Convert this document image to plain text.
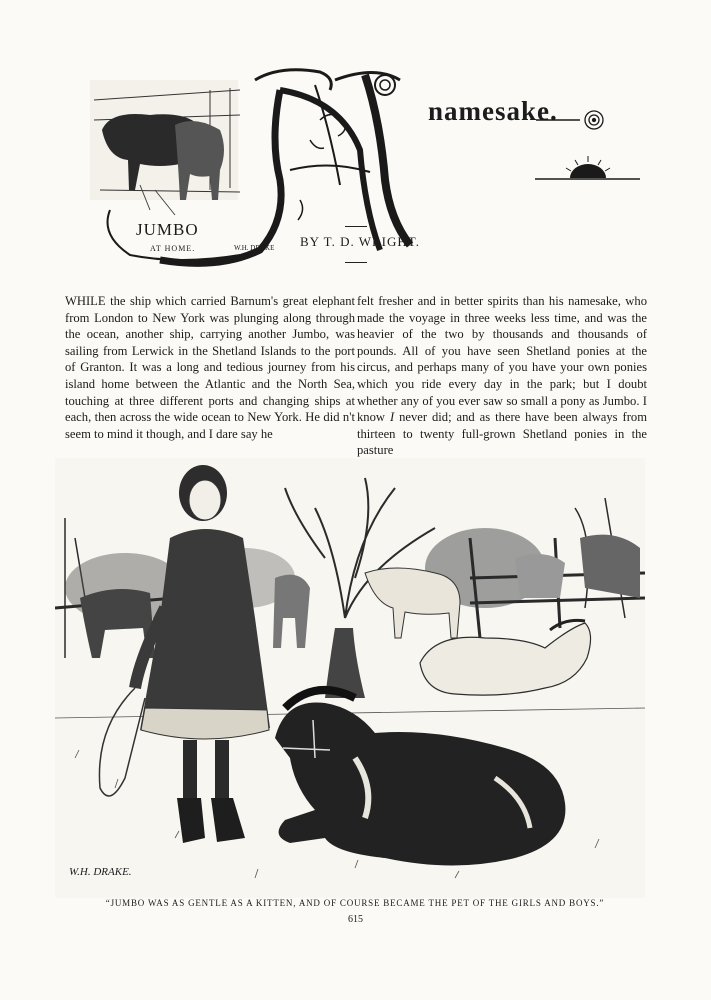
namesake.
JUMBO
AT HOME.	W.H. DRAKE BY T. D. WRIGHT.
WHILE the ship which carried Barnum's great elephant from London to New York was plunging along through the ocean, another ship, carrying another Jumbo, was sailing from Lerwick in the Shetland Islands to the port of Granton. It was a long and tedious journey from his island home between the Atlantic and the North Sea, touching at three different ports and changing ships at each, then across the wide ocean to New York. He did n't seem to mind it though, and I dare say he
felt fresher and in better spirits than his namesake, who made the voyage in three weeks less time, and was the heavier of the two by thousands and thousands of pounds. All of you have seen Shetland ponies at the circus, and perhaps many of you have your own ponies which you ride every day in the park; but I doubt whether any of you ever saw so small a pony as Jumbo. I know I never did; and as there have been always from thirteen to twenty full-grown Shetland ponies in the pasture
W.H. DRAKE.
“JUMBO WAS AS GENTLE AS A KITTEN, AND OF COURSE BECAME THE PET OF THE GIRLS AND BOYS.”
615
